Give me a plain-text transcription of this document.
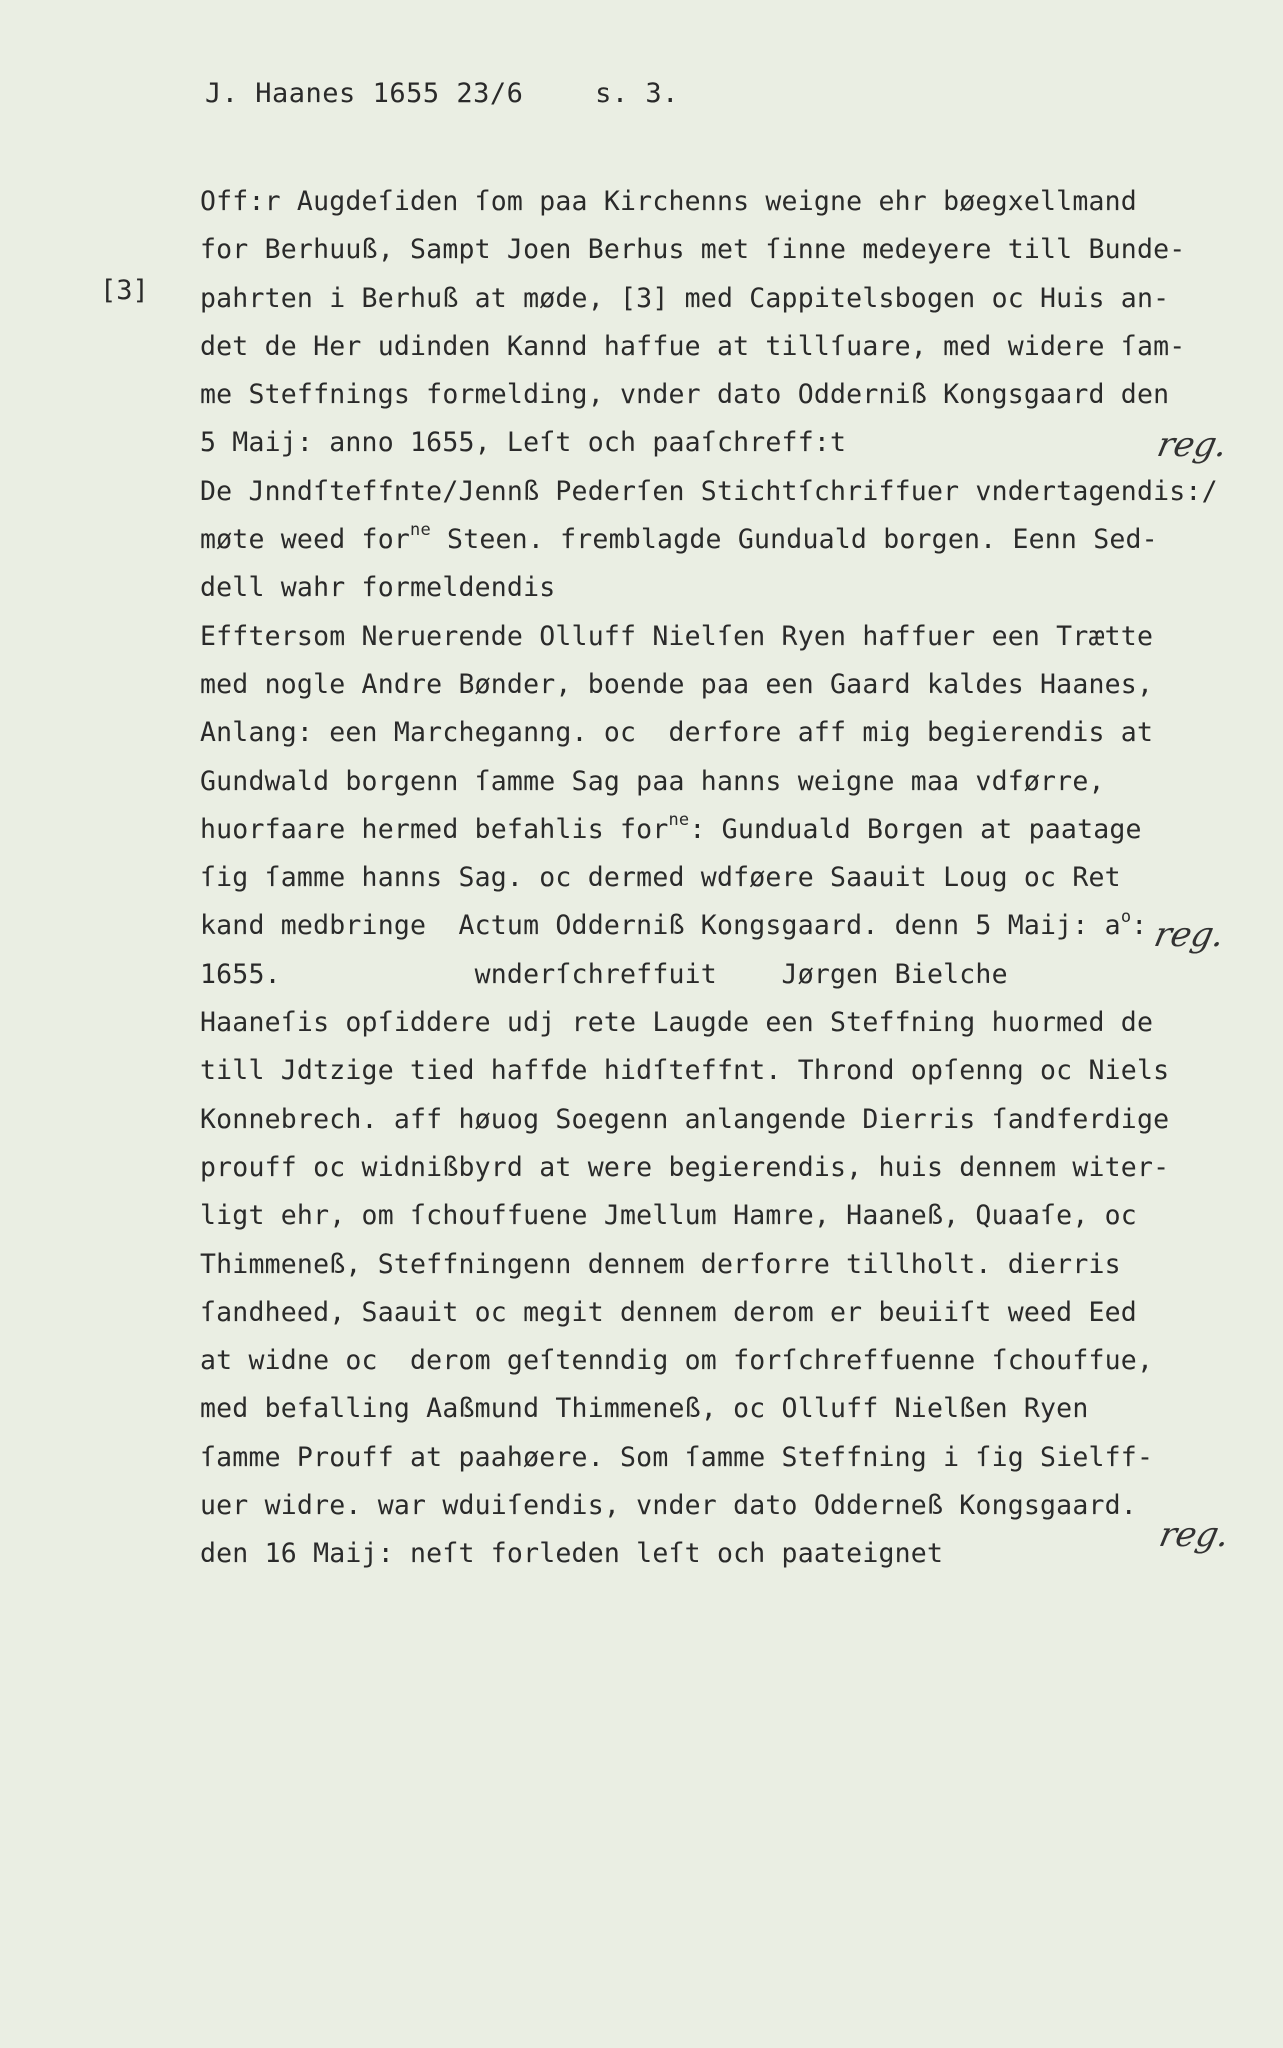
J. Haanes 1655 23/6	s. 3.
[3]
Off:r Augdeſiden ſom paa Kirchenns weigne ehr bøegxellmand
for Berhuuß, Sampt Joen Berhus met ſinne medeyere till Bunde-
pahrten i Berhuß at møde, [3] med Cappitelsbogen oc Huis an-
det de Her udinden Kannd haffue at tillſuare, med widere ſam-
me Steffnings formelding, vnder dato Odderniß Kongsgaard den
5 Maij: anno 1655, Leſt och paaſchreff:t
De Jnndſteffnte/Jennß Pederſen Stichtſchriffuer vndertagendis:/
møte weed for$^{ne}$ Steen. fremblagde Gunduald borgen. Eenn Sed-
dell wahr formeldendis
Efftersom Neruerende Olluff Nielſen Ryen haffuer een Trætte
med nogle Andre Bønder, boende paa een Gaard kaldes Haanes,
Anlang: een Marcheganng. oc  derfore aff mig begierendis at
Gundwald borgenn ſamme Sag paa hanns weigne maa vdførre,
huorfaare hermed befahlis for$^{ne}$: Gunduald Borgen at paatage
ſig ſamme hanns Sag. oc dermed wdføere Saauit Loug oc Ret
kand medbringe  Actum Odderniß Kongsgaard. denn 5 Maij: $a^o$:
1655.            wnderſchreffuit    Jørgen Bielche
Haaneſis opſiddere udj rete Laugde een Steffning huormed de
till Jdtzige tied haffde hidſteffnt. Thrond opſenng oc Niels
Konnebrech. aff høuog Soegenn anlangende Dierris ſandferdige
prouff oc widnißbyrd at were begierendis, huis dennem witer-
ligt ehr, om ſchouffuene Jmellum Hamre, Haaneß, Quaaſe, oc
Thimmeneß, Steffningenn dennem derforre tillholt. dierris
ſandheed, Saauit oc megit dennem derom er beuiiſt weed Eed
at widne oc  derom geſtenndig om forſchreffuenne ſchouffue,
med befalling Aaßmund Thimmeneß, oc Olluff Nielßen Ryen
ſamme Prouff at paahøere. Som ſamme Steffning i ſig Sielff-
uer widre. war wduiſendis, vnder dato Odderneß Kongsgaard.
den 16 Maij: neſt forleden leſt och paateignet
reg.
reg.
reg.
